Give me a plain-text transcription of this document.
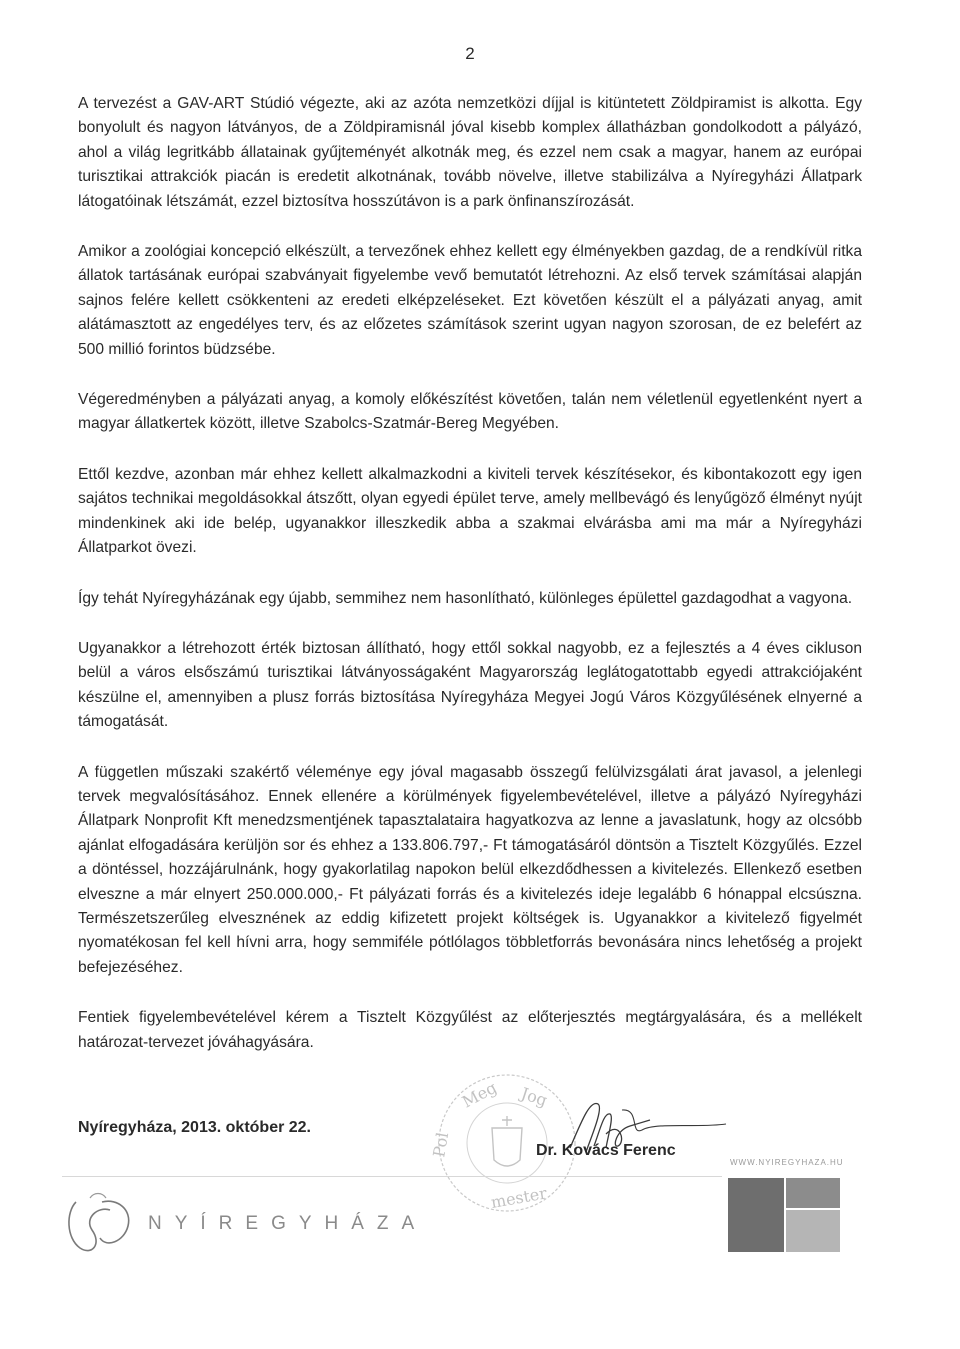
2

A tervezést a GAV-ART Stúdió végezte, aki az azóta nemzetközi díjjal is kitüntetett Zöldpiramist is alkotta. Egy bonyolult és nagyon látványos, de a Zöldpiramisnál jóval kisebb komplex állatházban gondolkodott a pályázó, ahol a világ legritkább állatainak gyűjteményét alkotnák meg, és ezzel nem csak a magyar, hanem az európai turisztikai attrakciók piacán is eredetit alkotnának, tovább növelve, illetve stabilizálva a Nyíregyházi Állatpark látogatóinak létszámát, ezzel biztosítva hosszútávon is a park önfinanszírozását.

Amikor a zoológiai koncepció elkészült, a tervezőnek ehhez kellett egy élményekben gazdag, de a rendkívül ritka állatok tartásának európai szabványait figyelembe vevő bemutatót létrehozni. Az első tervek számításai alapján sajnos felére kellett csökkenteni az eredeti elképzeléseket. Ezt követően készült el a pályázati anyag, amit alátámasztott az engedélyes terv, és az előzetes számítások szerint ugyan nagyon szorosan, de ez belefért az 500 millió forintos büdzsébe.

Végeredményben a pályázati anyag, a komoly előkészítést követően, talán nem véletlenül egyetlenként nyert a magyar állatkertek között, illetve Szabolcs-Szatmár-Bereg Megyében.

Ettől kezdve, azonban már ehhez kellett alkalmazkodni a kiviteli tervek készítésekor, és kibontakozott egy igen sajátos technikai megoldásokkal átszőtt, olyan egyedi épület terve, amely mellbevágó és lenyűgöző élményt nyújt mindenkinek aki ide belép, ugyanakkor illeszkedik abba a szakmai elvárásba ami ma már a Nyíregyházi Állatparkot övezi.

Így tehát Nyíregyházának egy újabb, semmihez nem hasonlítható, különleges épülettel gazdagodhat a vagyona.

Ugyanakkor a létrehozott érték biztosan állítható, hogy ettől sokkal nagyobb, ez a fejlesztés a 4 éves cikluson belül a város elsőszámú turisztikai látványosságaként Magyarország leglátogatottabb egyedi attrakciójaként készülne el, amennyiben a plusz forrás biztosítása Nyíregyháza Megyei Jogú Város Közgyűlésének elnyerné a támogatását.

A független műszaki szakértő véleménye egy jóval magasabb összegű felülvizsgálati árat javasol, a jelenlegi tervek megvalósításához. Ennek ellenére a körülmények figyelembevételével, illetve a pályázó Nyíregyházi Állatpark Nonprofit Kft menedzsmentjének tapasztalataira hagyatkozva az lenne a javaslatunk, hogy az olcsóbb ajánlat elfogadására kerüljön sor és ehhez a 133.806.797,- Ft támogatásáról döntsön a Tisztelt Közgyűlés. Ezzel a döntéssel, hozzájárulnánk, hogy gyakorlatilag napokon belül elkezdődhessen a kivitelezés. Ellenkező esetben elveszne a már elnyert 250.000.000,- Ft pályázati forrás és a kivitelezés ideje legalább 6 hónappal elcsúszna. Természetszerűleg elvesznének az eddig kifizetett projekt költségek is. Ugyanakkor a kivitelező figyelmét nyomatékosan fel kell hívni arra, hogy semmiféle pótlólagos többletforrás bevonására nincs lehetőség a projekt befejezéséhez.

Fentiek figyelembevételével kérem a Tisztelt Közgyűlést az előterjesztés megtárgyalására, és a mellékelt határozat-tervezet jóváhagyására.

Meg Jog
Pol
mester
Nyíregyháza, 2013. október 22.
Dr. Kovács Ferenc
NYÍREGYHÁZA
WWW.NYIREGYHAZA.HU
